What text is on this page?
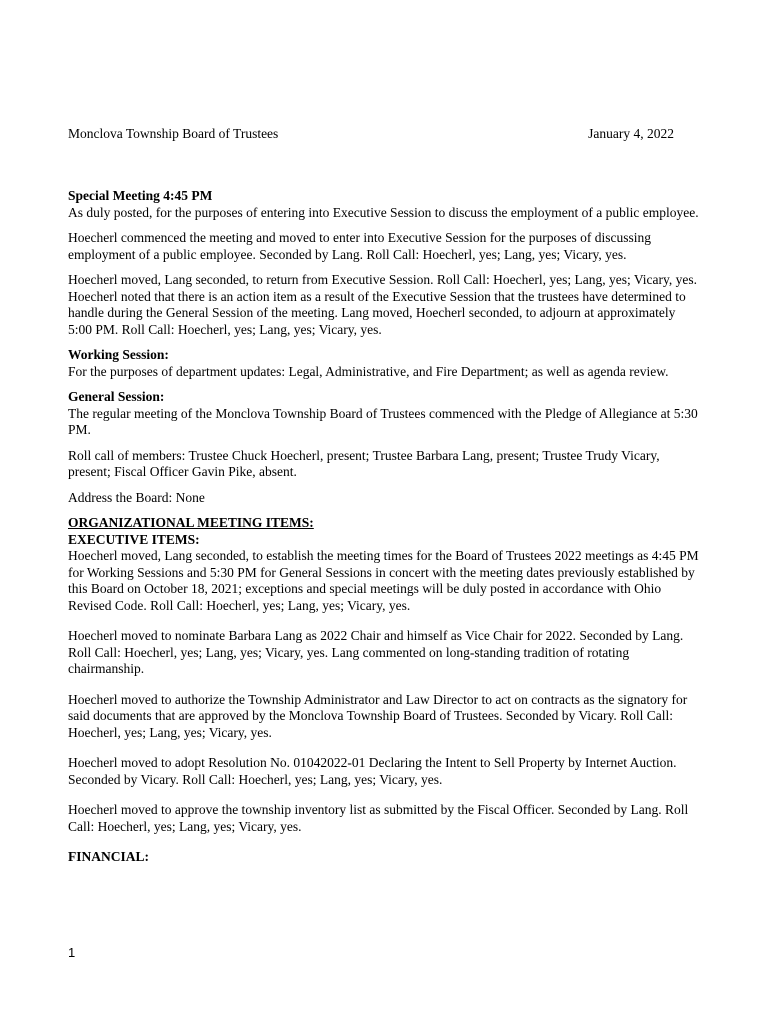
Monclova Township Board of Trustees	January 4, 2022

Special Meeting 4:45 PM

As duly posted, for the purposes of entering into Executive Session to discuss the employment of a public employee.

Hoecherl commenced the meeting and moved to enter into Executive Session for the purposes of discussing employment of a public employee. Seconded by Lang. Roll Call: Hoecherl, yes; Lang, yes; Vicary, yes.

Hoecherl moved, Lang seconded, to return from Executive Session. Roll Call: Hoecherl, yes; Lang, yes; Vicary, yes. Hoecherl noted that there is an action item as a result of the Executive Session that the trustees have determined to handle during the General Session of the meeting. Lang moved, Hoecherl seconded, to adjourn at approximately 5:00 PM. Roll Call: Hoecherl, yes; Lang, yes; Vicary, yes.

Working Session:

For the purposes of department updates: Legal, Administrative, and Fire Department; as well as agenda review.

General Session:

The regular meeting of the Monclova Township Board of Trustees commenced with the Pledge of Allegiance at 5:30 PM.

Roll call of members: Trustee Chuck Hoecherl, present; Trustee Barbara Lang, present; Trustee Trudy Vicary, present; Fiscal Officer Gavin Pike, absent.

Address the Board: None

ORGANIZATIONAL MEETING ITEMS:

EXECUTIVE ITEMS:

Hoecherl moved, Lang seconded, to establish the meeting times for the Board of Trustees 2022 meetings as 4:45 PM for Working Sessions and 5:30 PM for General Sessions in concert with the meeting dates previously established by this Board on October 18, 2021; exceptions and special meetings will be duly posted in accordance with Ohio Revised Code. Roll Call: Hoecherl, yes; Lang, yes; Vicary, yes.

Hoecherl moved to nominate Barbara Lang as 2022 Chair and himself as Vice Chair for 2022. Seconded by Lang. Roll Call: Hoecherl, yes; Lang, yes; Vicary, yes. Lang commented on long-standing tradition of rotating chairmanship.

Hoecherl moved to authorize the Township Administrator and Law Director to act on contracts as the signatory for said documents that are approved by the Monclova Township Board of Trustees. Seconded by Vicary. Roll Call: Hoecherl, yes; Lang, yes; Vicary, yes.

Hoecherl moved to adopt Resolution No. 01042022-01 Declaring the Intent to Sell Property by Internet Auction. Seconded by Vicary. Roll Call: Hoecherl, yes; Lang, yes; Vicary, yes.

Hoecherl moved to approve the township inventory list as submitted by the Fiscal Officer. Seconded by Lang. Roll Call: Hoecherl, yes; Lang, yes; Vicary, yes.

FINANCIAL:

1
